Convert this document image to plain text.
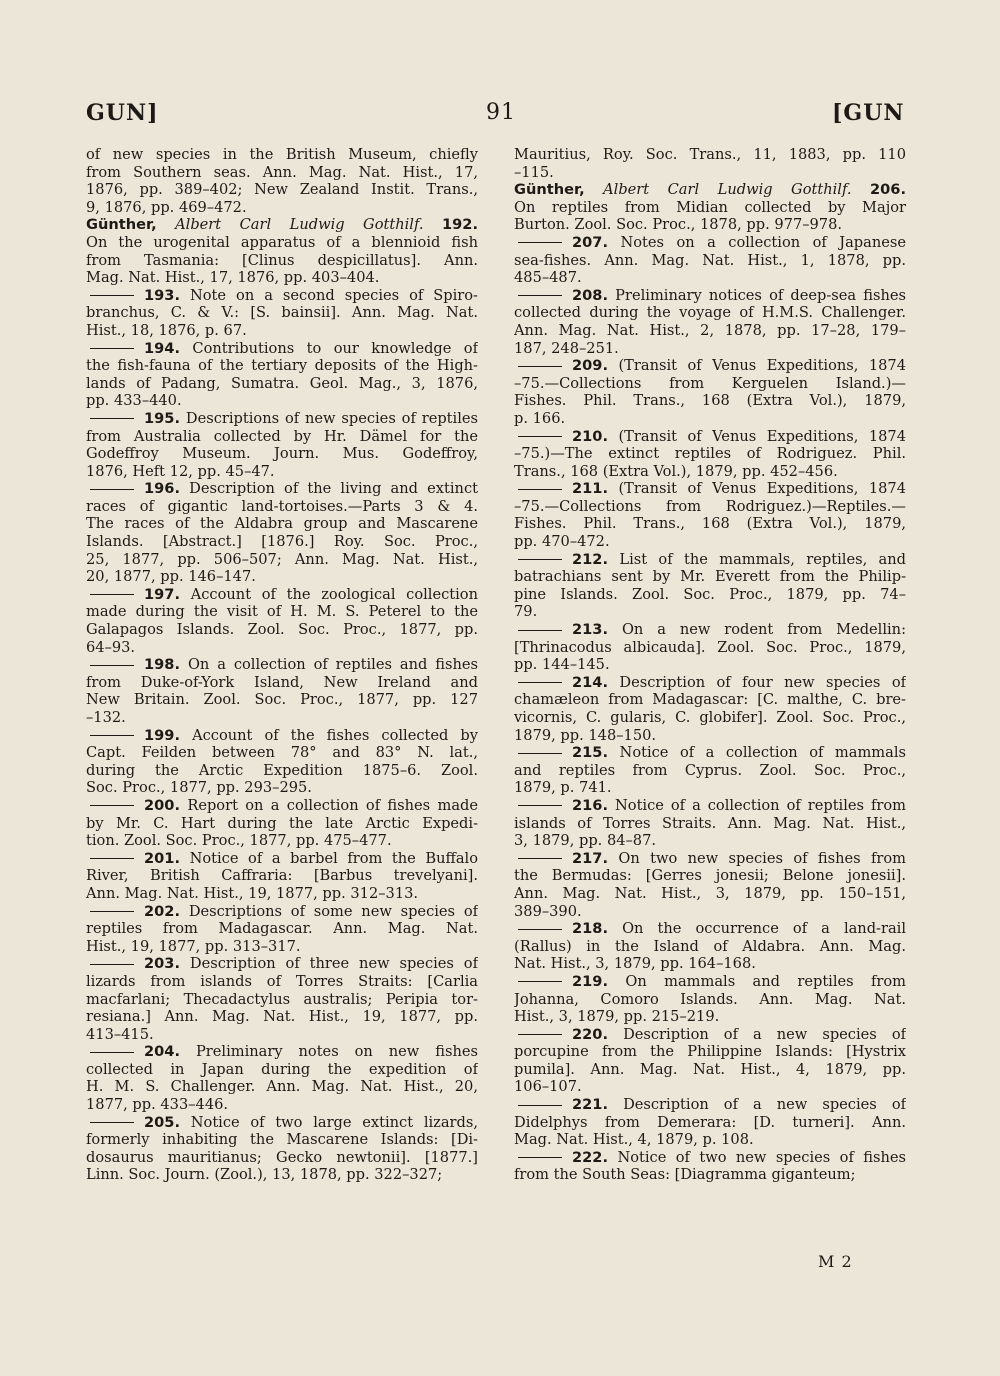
GUN]	91	[GUN
of new species in the British Museum, chiefly
from Southern seas. Ann. Mag. Nat. Hist., 17,
1876, pp. 389–402; New Zealand Instit. Trans.,
9, 1876, pp. 469–472.
Günther, Albert Carl Ludwig Gotthilf. 192.
On the urogenital apparatus of a blennioid fish
from Tasmania: [Clinus despicillatus]. Ann.
Mag. Nat. Hist., 17, 1876, pp. 403–404.
193. Note on a second species of Spiro-
branchus, C. & V.: [S. bainsii]. Ann. Mag. Nat.
Hist., 18, 1876, p. 67.
194. Contributions to our knowledge of
the fish-fauna of the tertiary deposits of the High-
lands of Padang, Sumatra. Geol. Mag., 3, 1876,
pp. 433–440.
195. Descriptions of new species of reptiles
from Australia collected by Hr. Dämel for the
Godeffroy Museum. Journ. Mus. Godeffroy,
1876, Heft 12, pp. 45–47.
196. Description of the living and extinct
races of gigantic land-tortoises.—Parts 3 & 4.
The races of the Aldabra group and Mascarene
Islands. [Abstract.] [1876.] Roy. Soc. Proc.,
25, 1877, pp. 506–507; Ann. Mag. Nat. Hist.,
20, 1877, pp. 146–147.
197. Account of the zoological collection
made during the visit of H. M. S. Peterel to the
Galapagos Islands. Zool. Soc. Proc., 1877, pp.
64–93.
198. On a collection of reptiles and fishes
from Duke-of-York Island, New Ireland and
New Britain. Zool. Soc. Proc., 1877, pp. 127
–132.
199. Account of the fishes collected by
Capt. Feilden between 78° and 83° N. lat.,
during the Arctic Expedition 1875–6. Zool.
Soc. Proc., 1877, pp. 293–295.
200. Report on a collection of fishes made
by Mr. C. Hart during the late Arctic Expedi-
tion. Zool. Soc. Proc., 1877, pp. 475–477.
201. Notice of a barbel from the Buffalo
River, British Caffraria: [Barbus trevelyani].
Ann. Mag. Nat. Hist., 19, 1877, pp. 312–313.
202. Descriptions of some new species of
reptiles from Madagascar. Ann. Mag. Nat.
Hist., 19, 1877, pp. 313–317.
203. Description of three new species of
lizards from islands of Torres Straits: [Carlia
macfarlani; Thecadactylus australis; Peripia tor-
resiana.] Ann. Mag. Nat. Hist., 19, 1877, pp.
413–415.
204. Preliminary notes on new fishes
collected in Japan during the expedition of
H. M. S. Challenger. Ann. Mag. Nat. Hist., 20,
1877, pp. 433–446.
205. Notice of two large extinct lizards,
formerly inhabiting the Mascarene Islands: [Di-
dosaurus mauritianus; Gecko newtonii]. [1877.]
Linn. Soc. Journ. (Zool.), 13, 1878, pp. 322–327;
Mauritius, Roy. Soc. Trans., 11, 1883, pp. 110
–115.
Günther, Albert Carl Ludwig Gotthilf. 206.
On reptiles from Midian collected by Major
Burton. Zool. Soc. Proc., 1878, pp. 977–978.
207. Notes on a collection of Japanese
sea-fishes. Ann. Mag. Nat. Hist., 1, 1878, pp.
485–487.
208. Preliminary notices of deep-sea fishes
collected during the voyage of H.M.S. Challenger.
Ann. Mag. Nat. Hist., 2, 1878, pp. 17–28, 179–
187, 248–251.
209. (Transit of Venus Expeditions, 1874
–75.—Collections from Kerguelen Island.)—
Fishes. Phil. Trans., 168 (Extra Vol.), 1879,
p. 166.
210. (Transit of Venus Expeditions, 1874
–75.)—The extinct reptiles of Rodriguez. Phil.
Trans., 168 (Extra Vol.), 1879, pp. 452–456.
211. (Transit of Venus Expeditions, 1874
–75.—Collections from Rodriguez.)—Reptiles.—
Fishes. Phil. Trans., 168 (Extra Vol.), 1879,
pp. 470–472.
212. List of the mammals, reptiles, and
batrachians sent by Mr. Everett from the Philip-
pine Islands. Zool. Soc. Proc., 1879, pp. 74–
79.
213. On a new rodent from Medellin:
[Thrinacodus albicauda]. Zool. Soc. Proc., 1879,
pp. 144–145.
214. Description of four new species of
chamæleon from Madagascar: [C. malthe, C. bre-
vicornis, C. gularis, C. globifer]. Zool. Soc. Proc.,
1879, pp. 148–150.
215. Notice of a collection of mammals
and reptiles from Cyprus. Zool. Soc. Proc.,
1879, p. 741.
216. Notice of a collection of reptiles from
islands of Torres Straits. Ann. Mag. Nat. Hist.,
3, 1879, pp. 84–87.
217. On two new species of fishes from
the Bermudas: [Gerres jonesii; Belone jonesii].
Ann. Mag. Nat. Hist., 3, 1879, pp. 150–151,
389–390.
218. On the occurrence of a land-rail
(Rallus) in the Island of Aldabra. Ann. Mag.
Nat. Hist., 3, 1879, pp. 164–168.
219. On mammals and reptiles from
Johanna, Comoro Islands. Ann. Mag. Nat.
Hist., 3, 1879, pp. 215–219.
220. Description of a new species of
porcupine from the Philippine Islands: [Hystrix
pumila]. Ann. Mag. Nat. Hist., 4, 1879, pp.
106–107.
221. Description of a new species of
Didelphys from Demerara: [D. turneri]. Ann.
Mag. Nat. Hist., 4, 1879, p. 108.
222. Notice of two new species of fishes
from the South Seas: [Diagramma giganteum;
M 2
